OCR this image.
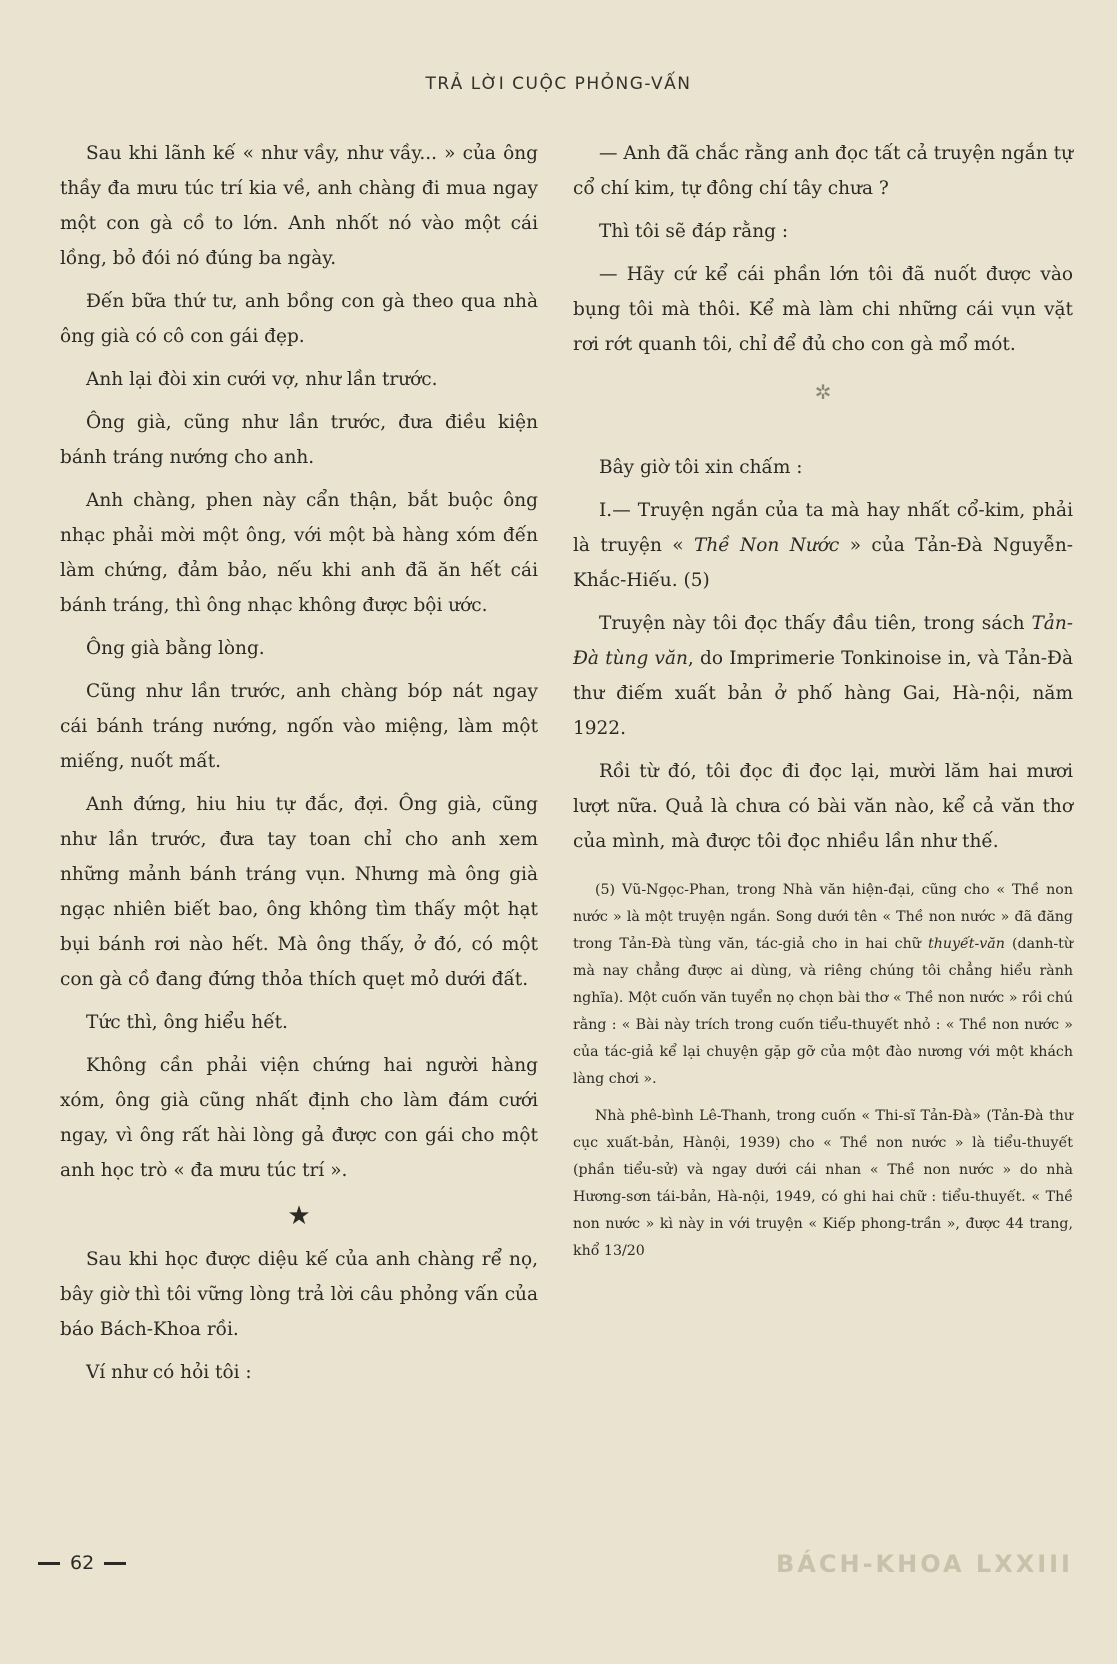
TRẢ LỜI CUỘC PHỎNG-VẤN

Sau khi lãnh kế « như vầy, như vầy... » của ông thầy đa mưu túc trí kia về, anh chàng đi mua ngay một con gà cồ to lớn. Anh nhốt nó vào một cái lồng, bỏ đói nó đúng ba ngày.

Đến bữa thứ tư, anh bồng con gà theo qua nhà ông già có cô con gái đẹp.

Anh lại đòi xin cưới vợ, như lần trước.

Ông già, cũng như lần trước, đưa điều kiện bánh tráng nướng cho anh.

Anh chàng, phen này cẩn thận, bắt buộc ông nhạc phải mời một ông, với một bà hàng xóm đến làm chứng, đảm bảo, nếu khi anh đã ăn hết cái bánh tráng, thì ông nhạc không được bội ước.

Ông già bằng lòng.

Cũng như lần trước, anh chàng bóp nát ngay cái bánh tráng nướng, ngốn vào miệng, làm một miếng, nuốt mất.

Anh đứng, hiu hiu tự đắc, đợi. Ông già, cũng như lần trước, đưa tay toan chỉ cho anh xem những mảnh bánh tráng vụn. Nhưng mà ông già ngạc nhiên biết bao, ông không tìm thấy một hạt bụi bánh rơi nào hết. Mà ông thấy, ở đó, có một con gà cồ đang đứng thỏa thích quẹt mỏ dưới đất.

Tức thì, ông hiểu hết.

Không cần phải viện chứng hai người hàng xóm, ông già cũng nhất định cho làm đám cưới ngay, vì ông rất hài lòng gả được con gái cho một anh học trò « đa mưu túc trí ».

★

Sau khi học được diệu kế của anh chàng rể nọ, bây giờ thì tôi vững lòng trả lời câu phỏng vấn của báo Bách-Khoa rồi.

Ví như có hỏi tôi :

— Anh đã chắc rằng anh đọc tất cả truyện ngắn tự cổ chí kim, tự đông chí tây chưa ?

Thì tôi sẽ đáp rằng :

— Hãy cứ kể cái phần lớn tôi đã nuốt được vào bụng tôi mà thôi. Kể mà làm chi những cái vụn vặt rơi rớt quanh tôi, chỉ để đủ cho con gà mổ mót.

✲

Bây giờ tôi xin chấm :

I.— Truyện ngắn của ta mà hay nhất cổ-kim, phải là truyện « Thề Non Nước » của Tản-Đà Nguyễn-Khắc-Hiếu. (5)

Truyện này tôi đọc thấy đầu tiên, trong sách Tản-Đà tùng văn, do Imprimerie Tonkinoise in, và Tản-Đà thư điếm xuất bản ở phố hàng Gai, Hà-nội, năm 1922.

Rồi từ đó, tôi đọc đi đọc lại, mười lăm hai mươi lượt nữa. Quả là chưa có bài văn nào, kể cả văn thơ của mình, mà được tôi đọc nhiều lần như thế.

(5) Vũ-Ngọc-Phan, trong Nhà văn hiện-đại, cũng cho « Thề non nước » là một truyện ngắn. Song dưới tên « Thề non nước » đã đăng trong Tản-Đà tùng văn, tác-giả cho in hai chữ thuyết-văn (danh-từ mà nay chẳng được ai dùng, và riêng chúng tôi chẳng hiểu rành nghĩa). Một cuốn văn tuyển nọ chọn bài thơ « Thề non nước » rồi chú rằng : « Bài này trích trong cuốn tiểu-thuyết nhỏ : « Thề non nước » của tác-giả kể lại chuyện gặp gỡ của một đào nương với một khách làng chơi ».

Nhà phê-bình Lê-Thanh, trong cuốn « Thi-sĩ Tản-Đà» (Tản-Đà thư cục xuất-bản, Hànội, 1939) cho « Thề non nước » là tiểu-thuyết (phần tiểu-sử) và ngay dưới cái nhan « Thề non nước » do nhà Hương-sơn tái-bản, Hà-nội, 1949, có ghi hai chữ : tiểu-thuyết. « Thề non nước » kì này in với truyện « Kiếp phong-trần », được 44 trang, khổ 13/20

62	BÁCH-KHOA LXXIII
